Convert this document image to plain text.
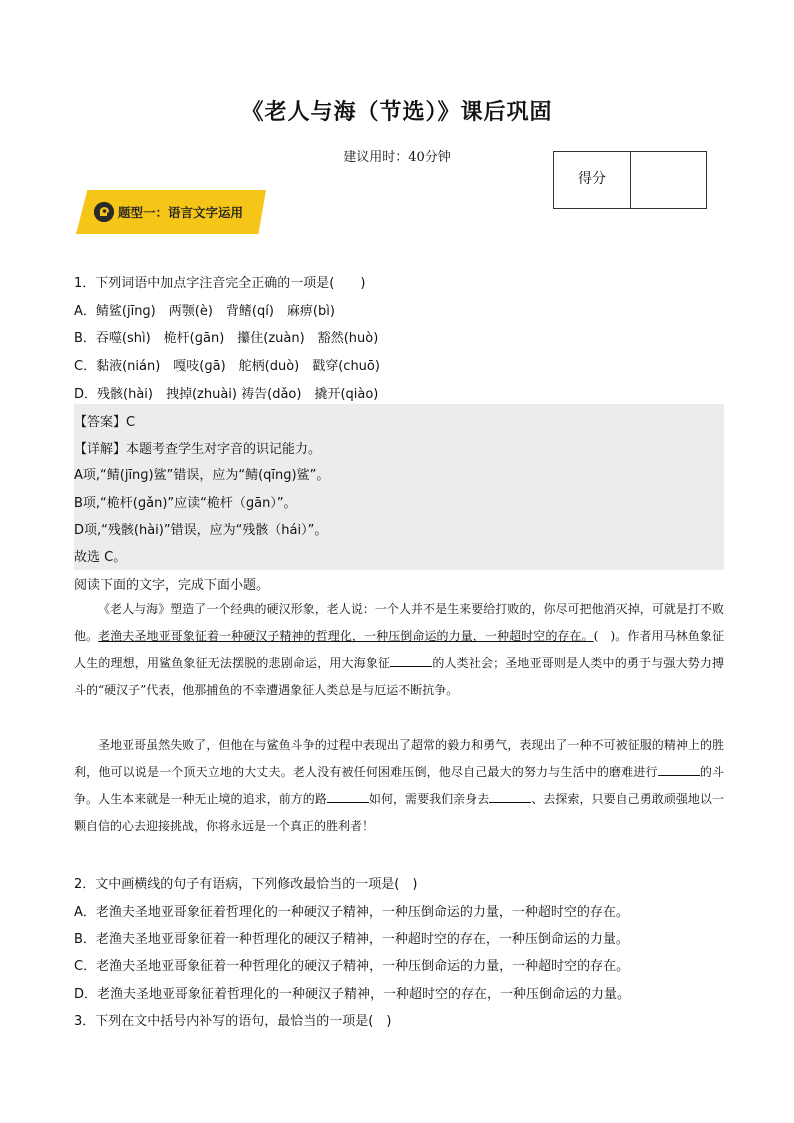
《老人与海（节选）》课后巩固
建议用时：40分钟
得分
题型一：语言文字运用
1．下列词语中加点字注音完全正确的一项是(　　)
A．鲭鲨(jīnɡ)　两颚(è)　背鳍(qí)　麻痹(bì)
B．吞噬(shì)　桅杆(ɡān)　攥住(zuàn)　豁然(huò)
C．黏液(nián)　嘎吱(ɡā)　舵柄(duò)　戳穿(chuō)
D．残骸(hài)　拽掉(zhuài) 祷告(dǎo)　撬开(qiào)
【答案】C
【详解】本题考查学生对字音的识记能力。
A项,“鲭(jīnɡ)鲨”错误，应为“鲭(qīnɡ)鲨”。
B项,“桅杆(ɡǎn)”应读“桅杆（ɡān）”。
D项,“残骸(hài)”错误，应为“残骸（hái）”。
故选 C。
阅读下面的文字，完成下面小题。
《老人与海》塑造了一个经典的硬汉形象，老人说：一个人并不是生来要给打败的，你尽可把他消灭掉，可就是打不败他。老渔夫圣地亚哥象征着一种硬汉子精神的哲理化，一种压倒命运的力量，一种超时空的存在。(　)。作者用马林鱼象征人生的理想，用鲨鱼象征无法摆脱的悲剧命运，用大海象征	的人类社会；圣地亚哥则是人类中的勇于与强大势力搏斗的“硬汉子”代表，他那捕鱼的不幸遭遇象征人类总是与厄运不断抗争。
圣地亚哥虽然失败了，但他在与鲨鱼斗争的过程中表现出了超常的毅力和勇气，表现出了一种不可被征服的精神上的胜利，他可以说是一个顶天立地的大丈夫。老人没有被任何困难压倒，他尽自己最大的努力与生活中的磨难进行	的斗争。人生本来就是一种无止境的追求，前方的路	如何，需要我们亲身去	、去探索，只要自己勇敢顽强地以一颗自信的心去迎接挑战，你将永远是一个真正的胜利者！
2．文中画横线的句子有语病，下列修改最恰当的一项是(　)
A．老渔夫圣地亚哥象征着哲理化的一种硬汉子精神，一种压倒命运的力量，一种超时空的存在。
B．老渔夫圣地亚哥象征着一种哲理化的硬汉子精神，一种超时空的存在，一种压倒命运的力量。
C．老渔夫圣地亚哥象征着一种哲理化的硬汉子精神，一种压倒命运的力量，一种超时空的存在。
D．老渔夫圣地亚哥象征着哲理化的一种硬汉子精神，一种超时空的存在，一种压倒命运的力量。
3．下列在文中括号内补写的语句，最恰当的一项是(　)
